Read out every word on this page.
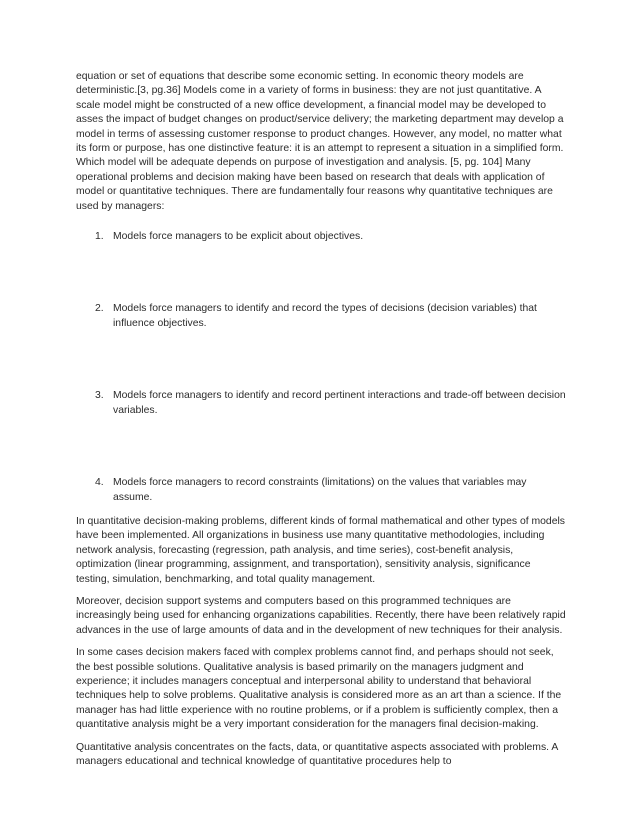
equation or set of equations that describe some economic setting. In economic theory models are deterministic.[3, pg.36] Models come in a variety of forms in business: they are not just quantitative. A scale model might be constructed of a new office development, a financial model may be developed to asses the impact of budget changes on product/service delivery; the marketing department may develop a model in terms of assessing customer response to product changes. However, any model, no matter what its form or purpose, has one distinctive feature: it is an attempt to represent a situation in a simplified form. Which model will be adequate depends on purpose of investigation and analysis. [5, pg. 104] Many operational problems and decision making have been based on research that deals with application of model or quantitative techniques. There are fundamentally four reasons why quantitative techniques are used by managers:

1. Models force managers to be explicit about objectives.
2. Models force managers to identify and record the types of decisions (decision variables) that influence objectives.
3. Models force managers to identify and record pertinent interactions and trade-off between decision variables.
4. Models force managers to record constraints (limitations) on the values that variables may assume.

In quantitative decision-making problems, different kinds of formal mathematical and other types of models have been implemented. All organizations in business use many quantitative methodologies, including network analysis, forecasting (regression, path analysis, and time series), cost-benefit analysis, optimization (linear programming, assignment, and transportation), sensitivity analysis, significance testing, simulation, benchmarking, and total quality management.

Moreover, decision support systems and computers based on this programmed techniques are increasingly being used for enhancing organizations capabilities. Recently, there have been relatively rapid advances in the use of large amounts of data and in the development of new techniques for their analysis.

In some cases decision makers faced with complex problems cannot find, and perhaps should not seek, the best possible solutions. Qualitative analysis is based primarily on the managers judgment and experience; it includes managers conceptual and interpersonal ability to understand that behavioral techniques help to solve problems. Qualitative analysis is considered more as an art than a science. If the manager has had little experience with no routine problems, or if a problem is sufficiently complex, then a quantitative analysis might be a very important consideration for the managers final decision-making.

Quantitative analysis concentrates on the facts, data, or quantitative aspects associated with problems. A managers educational and technical knowledge of quantitative procedures help to
